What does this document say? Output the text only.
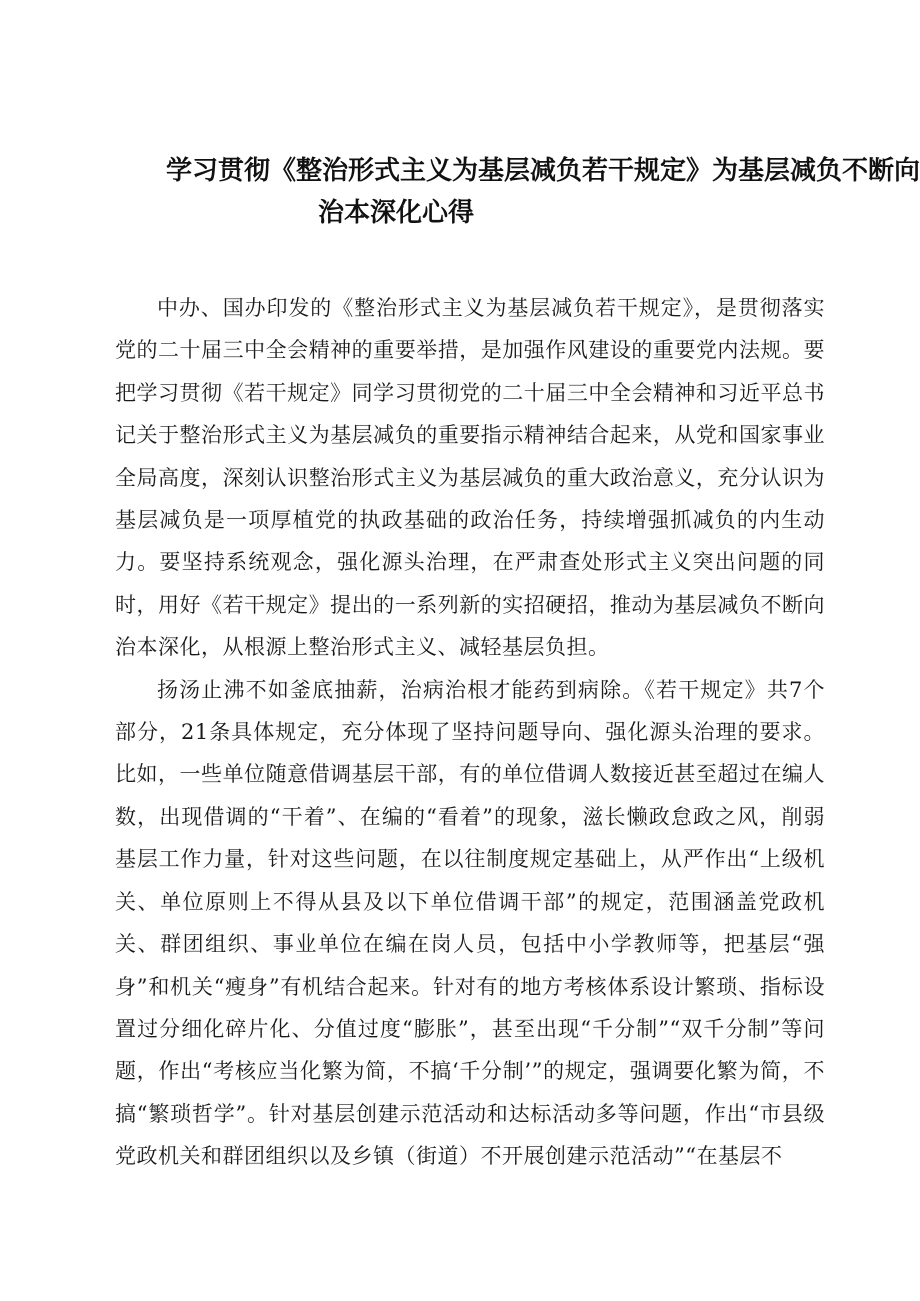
学习贯彻《整治形式主义为基层减负若干规定》为基层减负不断向
治本深化心得

中办、国办印发的《整治形式主义为基层减负若干规定》，是贯彻落实党的二十届三中全会精神的重要举措，是加强作风建设的重要党内法规。要把学习贯彻《若干规定》同学习贯彻党的二十届三中全会精神和习近平总书记关于整治形式主义为基层减负的重要指示精神结合起来，从党和国家事业全局高度，深刻认识整治形式主义为基层减负的重大政治意义，充分认识为基层减负是一项厚植党的执政基础的政治任务，持续增强抓减负的内生动力。要坚持系统观念，强化源头治理，在严肃查处形式主义突出问题的同时，用好《若干规定》提出的一系列新的实招硬招，推动为基层减负不断向治本深化，从根源上整治形式主义、减轻基层负担。

扬汤止沸不如釜底抽薪，治病治根才能药到病除。《若干规定》共7个部分，21条具体规定，充分体现了坚持问题导向、强化源头治理的要求。比如，一些单位随意借调基层干部，有的单位借调人数接近甚至超过在编人数，出现借调的“干着”、在编的“看着”的现象，滋长懒政怠政之风，削弱基层工作力量，针对这些问题，在以往制度规定基础上，从严作出“上级机关、单位原则上不得从县及以下单位借调干部”的规定，范围涵盖党政机关、群团组织、事业单位在编在岗人员，包括中小学教师等，把基层“强身”和机关“瘦身”有机结合起来。针对有的地方考核体系设计繁琐、指标设置过分细化碎片化、分值过度“膨胀”，甚至出现“千分制”“双千分制”等问题，作出“考核应当化繁为简，不搞‘千分制’”的规定，强调要化繁为简，不搞“繁琐哲学”。针对基层创建示范活动和达标活动多等问题，作出“市县级党政机关和群团组织以及乡镇（街道）不开展创建示范活动”“在基层不
